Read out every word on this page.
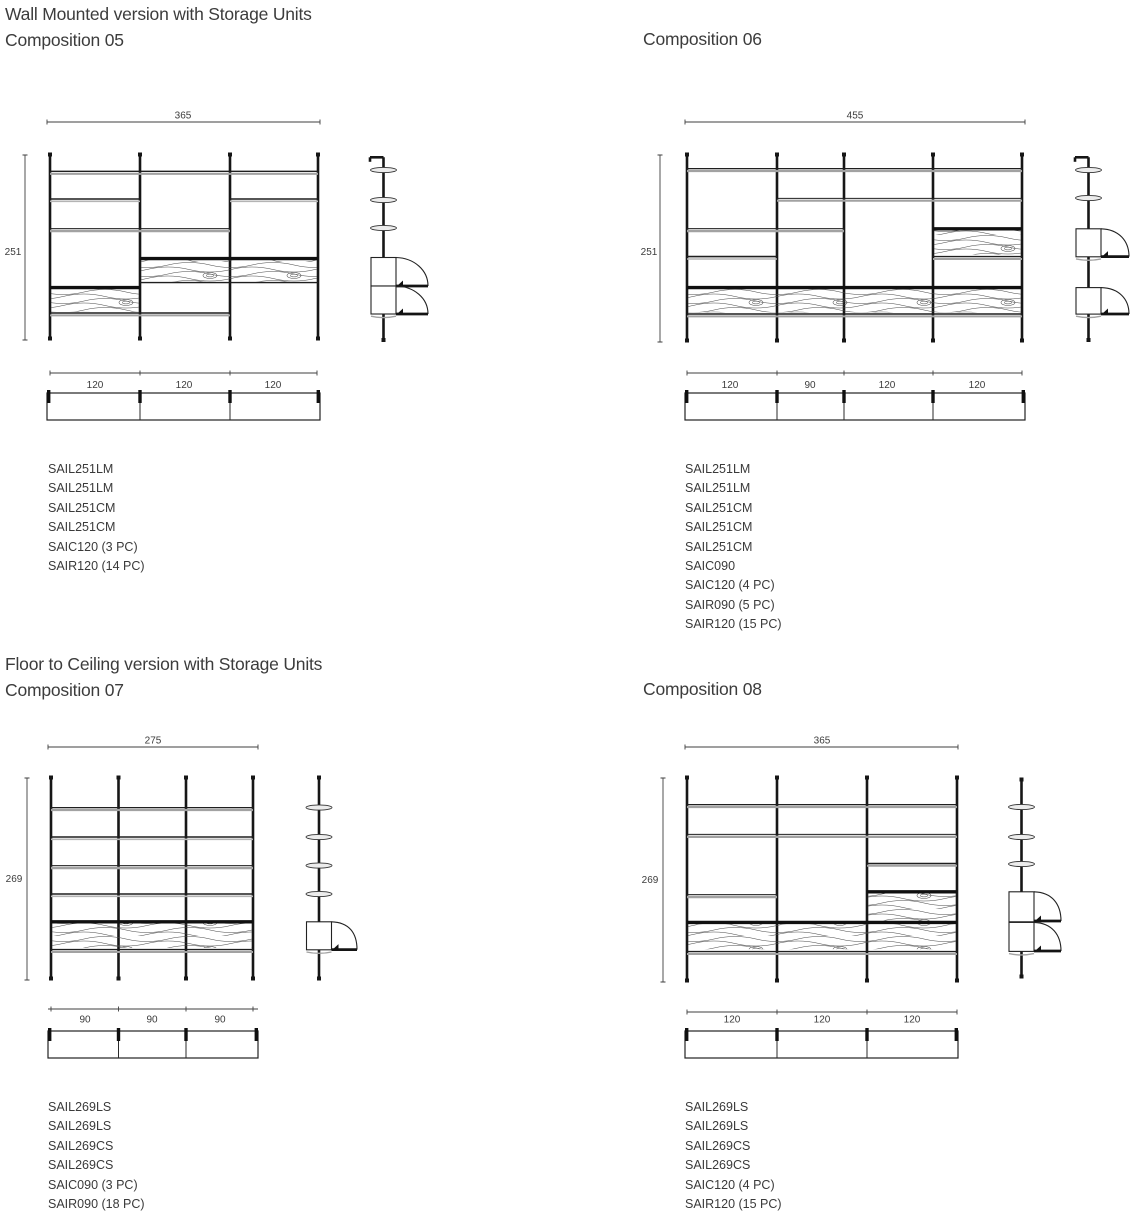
Wall Mounted version with Storage Units
Composition 05	Composition 06
Floor to Ceiling version with Storage Units
Composition 07	Composition 08
365
251
120	120	120
455
251
120	90	120	120
275
269
90	90	90
365
269
120	120	120
SAIL251LM
SAIL251LM
SAIL251CM
SAIL251CM
SAIC120 (3 PC)
SAIR120 (14 PC)
SAIL251LM
SAIL251LM
SAIL251CM
SAIL251CM
SAIL251CM
SAIC090
SAIC120 (4 PC)
SAIR090 (5 PC)
SAIR120 (15 PC)
SAIL269LS
SAIL269LS
SAIL269CS
SAIL269CS
SAIC090 (3 PC)
SAIR090 (18 PC)
SAIL269LS
SAIL269LS
SAIL269CS
SAIL269CS
SAIC120 (4 PC)
SAIR120 (15 PC)
